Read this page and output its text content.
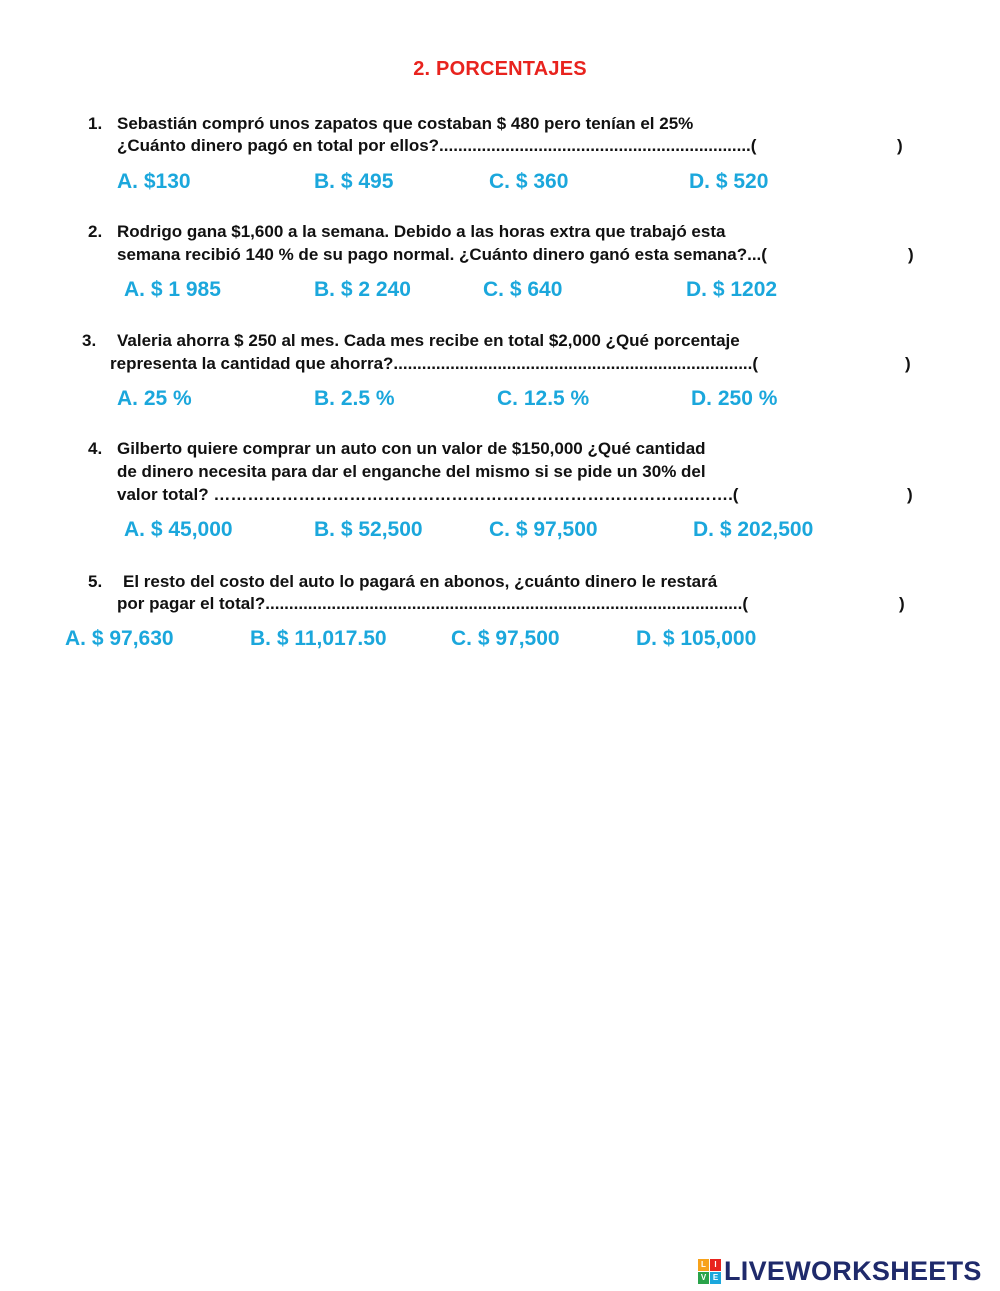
2. PORCENTAJES
1. Sebastián compró unos zapatos que costaban $ 480 pero tenían el 25%
¿Cuánto dinero pagó en total por ellos?..................................................................(	)
A. $130	B. $ 495	C. $ 360	D. $ 520
2. Rodrigo gana $1,600 a la semana. Debido a las horas extra que trabajó esta
semana recibió 140 % de su pago normal. ¿Cuánto dinero ganó esta semana?...(	)
A. $ 1 985	B. $ 2 240	C. $ 640	D. $ 1202
3. Valeria ahorra $ 250 al mes. Cada mes recibe en total $2,000 ¿Qué porcentaje
representa la cantidad que ahorra?............................................................................(	)
A. 25 %	B. 2.5 %	C. 12.5 %	D. 250 %
4. Gilberto quiere comprar un auto con un valor de $150,000 ¿Qué cantidad
de dinero necesita para dar el enganche del mismo si se pide un 30% del
valor total? ………………………………………………………………………….…….(	)
A. $ 45,000	B. $ 52,500	C. $ 97,500	D. $ 202,500
5. El resto del costo del auto lo pagará en abonos, ¿cuánto dinero le restará
por pagar el total?.....................................................................................................(	)
A. $ 97,630	B. $ 11,017.50	C. $ 97,500	D. $ 105,000
L	I
V E LIVEWORKSHEETS
